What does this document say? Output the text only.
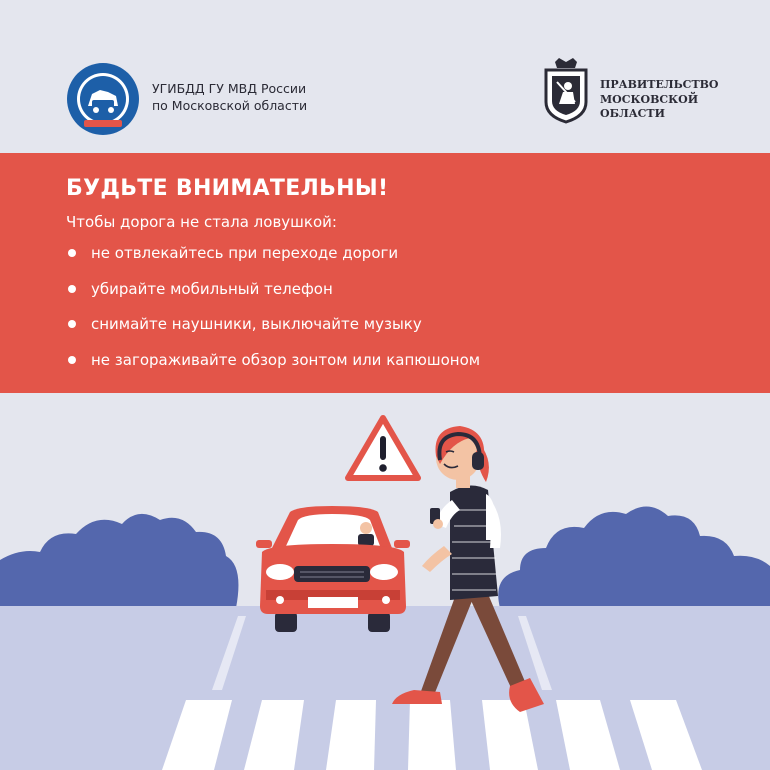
УГИБДД ГУ МВД России
по Московской области
ПРАВИТЕЛЬСТВО
МОСКОВСКОЙ
ОБЛАСТИ
БУДЬТЕ ВНИМАТЕЛЬНЫ!
Чтобы дорога не стала ловушкой:
не отвлекайтесь при переходе дороги
убирайте мобильный телефон
снимайте наушники, выключайте музыку
не загораживайте обзор зонтом или капюшоном
